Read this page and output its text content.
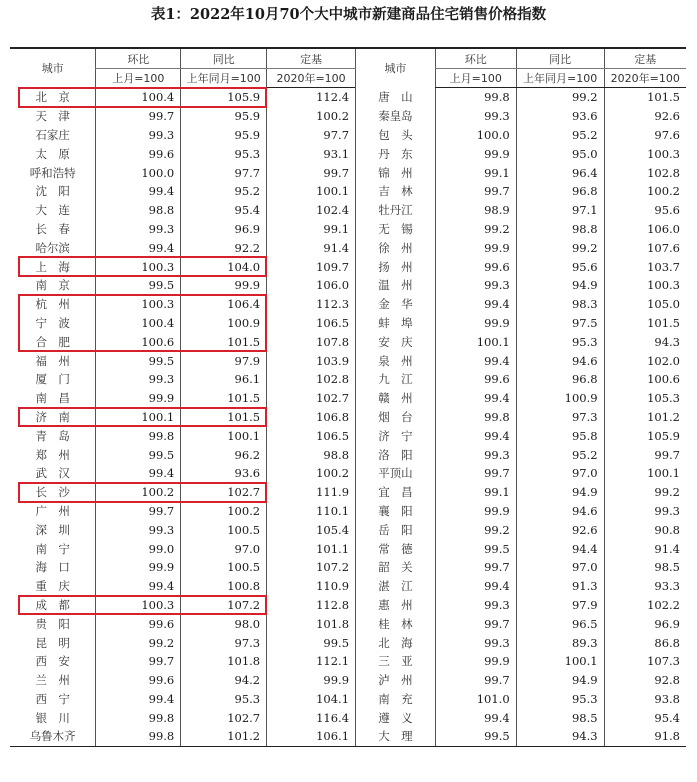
表1：2022年10月70个大中城市新建商品住宅销售价格指数
城市	环比	同比	定基	城市	环比	同比	定基
	上月=100	上年同月=100	2020年=100		上月=100	上年同月=100	2020年=100
北　京	100.4	105.9	112.4	唐　山	99.8	99.2	101.5
天　津	99.7	95.9	100.2	秦皇岛	99.3	93.6	92.6
石家庄	99.3	95.9	97.7	包　头	100.0	95.2	97.6
太　原	99.6	95.3	93.1	丹　东	99.9	95.0	100.3
呼和浩特	100.0	97.7	99.7	锦　州	99.1	96.4	102.8
沈　阳	99.4	95.2	100.1	吉　林	99.7	96.8	100.2
大　连	98.8	95.4	102.4	牡丹江	98.9	97.1	95.6
长　春	99.3	96.9	99.1	无　锡	99.2	98.8	106.0
哈尔滨	99.4	92.2	91.4	徐　州	99.9	99.2	107.6
上　海	100.3	104.0	109.7	扬　州	99.6	95.6	103.7
南　京	99.5	99.9	106.0	温　州	99.3	94.9	100.3
杭　州	100.3	106.4	112.3	金　华	99.4	98.3	105.0
宁　波	100.4	100.9	106.5	蚌　埠	99.9	97.5	101.5
合　肥	100.6	101.5	107.8	安　庆	100.1	95.3	94.3
福　州	99.5	97.9	103.9	泉　州	99.4	94.6	102.0
厦　门	99.3	96.1	102.8	九　江	99.6	96.8	100.6
南　昌	99.9	101.5	102.7	赣　州	99.4	100.9	105.3
济　南	100.1	101.5	106.8	烟　台	99.8	97.3	101.2
青　岛	99.8	100.1	106.5	济　宁	99.4	95.8	105.9
郑　州	99.5	96.2	98.8	洛　阳	99.3	95.2	99.7
武　汉	99.4	93.6	100.2	平顶山	99.7	97.0	100.1
长　沙	100.2	102.7	111.9	宜　昌	99.1	94.9	99.2
广　州	99.7	100.2	110.1	襄　阳	99.9	94.6	99.3
深　圳	99.3	100.5	105.4	岳　阳	99.2	92.6	90.8
南　宁	99.0	97.0	101.1	常　德	99.5	94.4	91.4
海　口	99.9	100.5	107.2	韶　关	99.7	97.0	98.5
重　庆	99.4	100.8	110.9	湛　江	99.4	91.3	93.3
成　都	100.3	107.2	112.8	惠　州	99.3	97.9	102.2
贵　阳	99.6	98.0	101.8	桂　林	99.7	96.5	96.9
昆　明	99.2	97.3	99.5	北　海	99.3	89.3	86.8
西　安	99.7	101.8	112.1	三　亚	99.9	100.1	107.3
兰　州	99.6	94.2	99.9	泸　州	99.7	94.9	92.8
西　宁	99.4	95.3	104.1	南　充	101.0	95.3	93.8
银　川	99.8	102.7	116.4	遵　义	99.4	98.5	95.4
乌鲁木齐	99.8	101.2	106.1	大　理	99.5	94.3	91.8
